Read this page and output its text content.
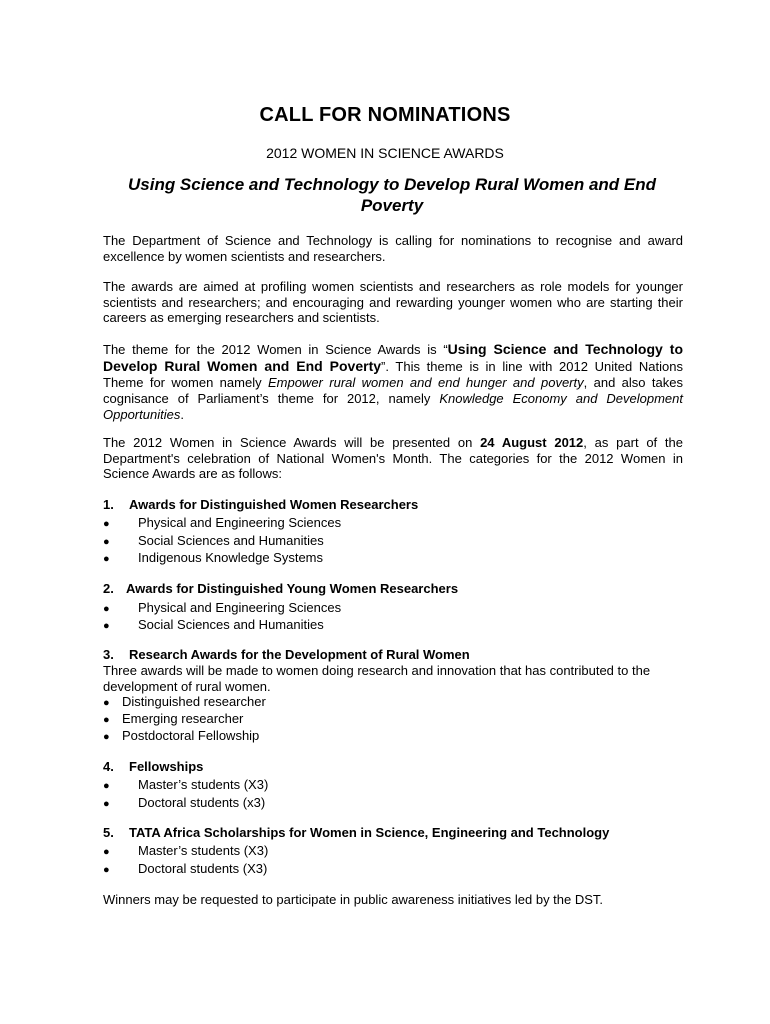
CALL FOR NOMINATIONS
2012 WOMEN IN SCIENCE AWARDS
Using Science and Technology to Develop Rural Women and End Poverty
The Department of Science and Technology is calling for nominations to recognise and award excellence by women scientists and researchers.
The awards are aimed at profiling women scientists and researchers as role models for younger scientists and researchers; and encouraging and rewarding younger women who are starting their careers as emerging researchers and scientists.
The theme for the 2012 Women in Science Awards is “Using Science and Technology to Develop Rural Women and End Poverty”. This theme is in line with 2012 United Nations Theme for women namely Empower rural women and end hunger and poverty, and also takes cognisance of Parliament’s theme for 2012, namely Knowledge Economy and Development Opportunities.
The 2012 Women in Science Awards will be presented on 24 August 2012, as part of the Department's celebration of National Women's Month. The categories for the 2012 Women in Science Awards are as follows:
1. Awards for Distinguished Women Researchers
● Physical and Engineering Sciences
● Social Sciences and Humanities
● Indigenous Knowledge Systems
2. Awards for Distinguished Young Women Researchers
● Physical and Engineering Sciences
● Social Sciences and Humanities
3. Research Awards for the Development of Rural Women
Three awards will be made to women doing research and innovation that has contributed to the development of rural women.
● Distinguished researcher
● Emerging researcher
● Postdoctoral Fellowship
4. Fellowships
● Master’s students (X3)
● Doctoral students (x3)
5. TATA Africa Scholarships for Women in Science, Engineering and Technology
● Master’s students (X3)
● Doctoral students (X3)
Winners may be requested to participate in public awareness initiatives led by the DST.
